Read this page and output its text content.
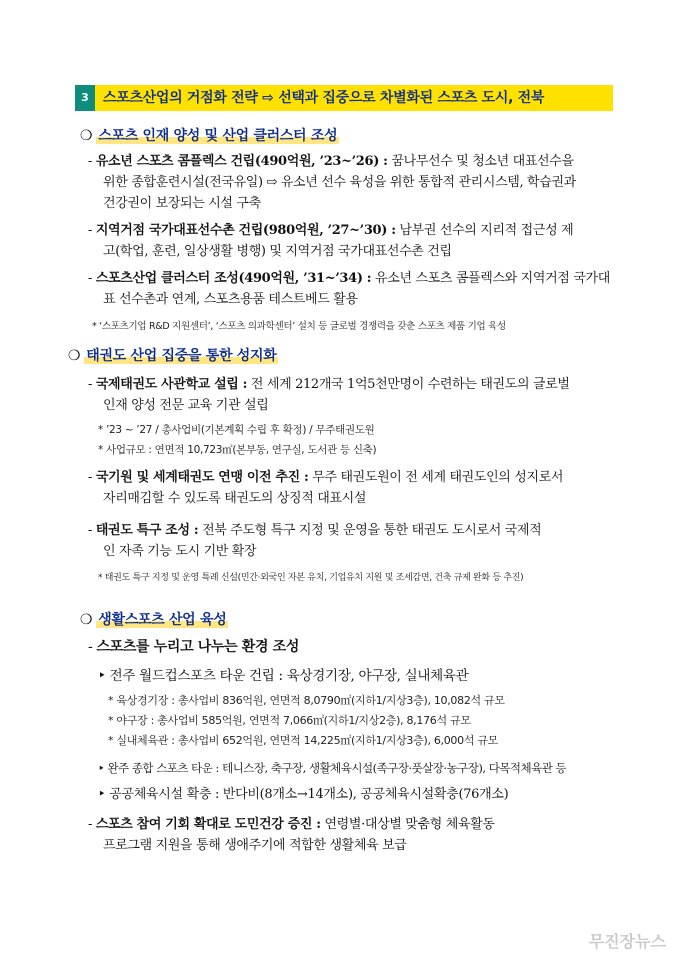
3	스포츠산업의 거점화 전략 ⇨ 선택과 집중으로 차별화된 스포츠 도시, 전북
❍ 스포츠 인재 양성 및 산업 클러스터 조성
- 유소년 스포츠 콤플렉스 건립(490억원, ’23~’26) : 꿈나무선수 및 청소년 대표선수을
위한 종합훈련시설(전국유일) ⇨ 유소년 선수 육성을 위한 통합적 관리시스템, 학습권과
건강권이 보장되는 시설 구축
- 지역거점 국가대표선수촌 건립(980억원, ’27~’30) : 남부권 선수의 지리적 접근성 제
고(학업, 훈련, 일상생활 병행) 및 지역거점 국가대표선수촌 건립
- 스포츠산업 클러스터 조성(490억원, ’31~’34) : 유소년 스포츠 콤플렉스와 지역거점 국가대
표 선수촌과 연계, 스포츠용품 테스트베드 활용
* ‘스포츠기업 R&D 지원센터’, ‘스포츠 의과학센터’ 설치 등 글로벌 경쟁력을 갖춘 스포츠 제품 기업 육성
❍ 태권도 산업 집중을 통한 성지화
- 국제태권도 사관학교 설립 : 전 세계 212개국 1억5천만명이 수련하는 태권도의 글로벌
인재 양성 전문 교육 기관 설립
* ’23 ~ ’27 / 총사업비(기본계획 수립 후 확정) / 무주태권도원
* 사업규모 : 연면적 10,723㎡(본부동, 연구실, 도서관 등 신축)
- 국기원 및 세계태권도 연맹 이전 추진 : 무주 태권도원이 전 세계 태권도인의 성지로서
자리매김할 수 있도록 태권도의 상징적 대표시설
- 태권도 특구 조성 : 전북 주도형 특구 지정 및 운영을 통한 태권도 도시로서 국제적
인 자족 기능 도시 기반 확장
* 태권도 특구 지정 및 운영 특례 신설(민간·외국인 자본 유치, 기업유치 지원 및 조세감면, 건축 규제 완화 등 추진)
❍ 생활스포츠 산업 육성
- 스포츠를 누리고 나누는 환경 조성
‣ 전주 월드컵스포츠 타운 건립 : 육상경기장, 야구장, 실내체육관
* 육상경기장 : 총사업비 836억원, 연면적 8,0790㎡(지하1/지상3층), 10,082석 규모
* 야구장 : 총사업비 585억원, 연면적 7,066㎡(지하1/지상2층), 8,176석 규모
* 실내체육관 : 총사업비 652억원, 연면적 14,225㎡(지하1/지상3층), 6,000석 규모
‣ 완주 종합 스포츠 타운 : 테니스장, 축구장, 생활체육시설(족구장·풋살장·농구장), 다목적체육관 등
‣ 공공체육시설 확충 : 반다비(8개소→14개소), 공공체육시설확충(76개소)
- 스포츠 참여 기회 확대로 도민건강 증진 : 연령별·대상별 맞춤형 체육활동
프로그램 지원을 통해 생애주기에 적합한 생활체육 보급
무진장뉴스
